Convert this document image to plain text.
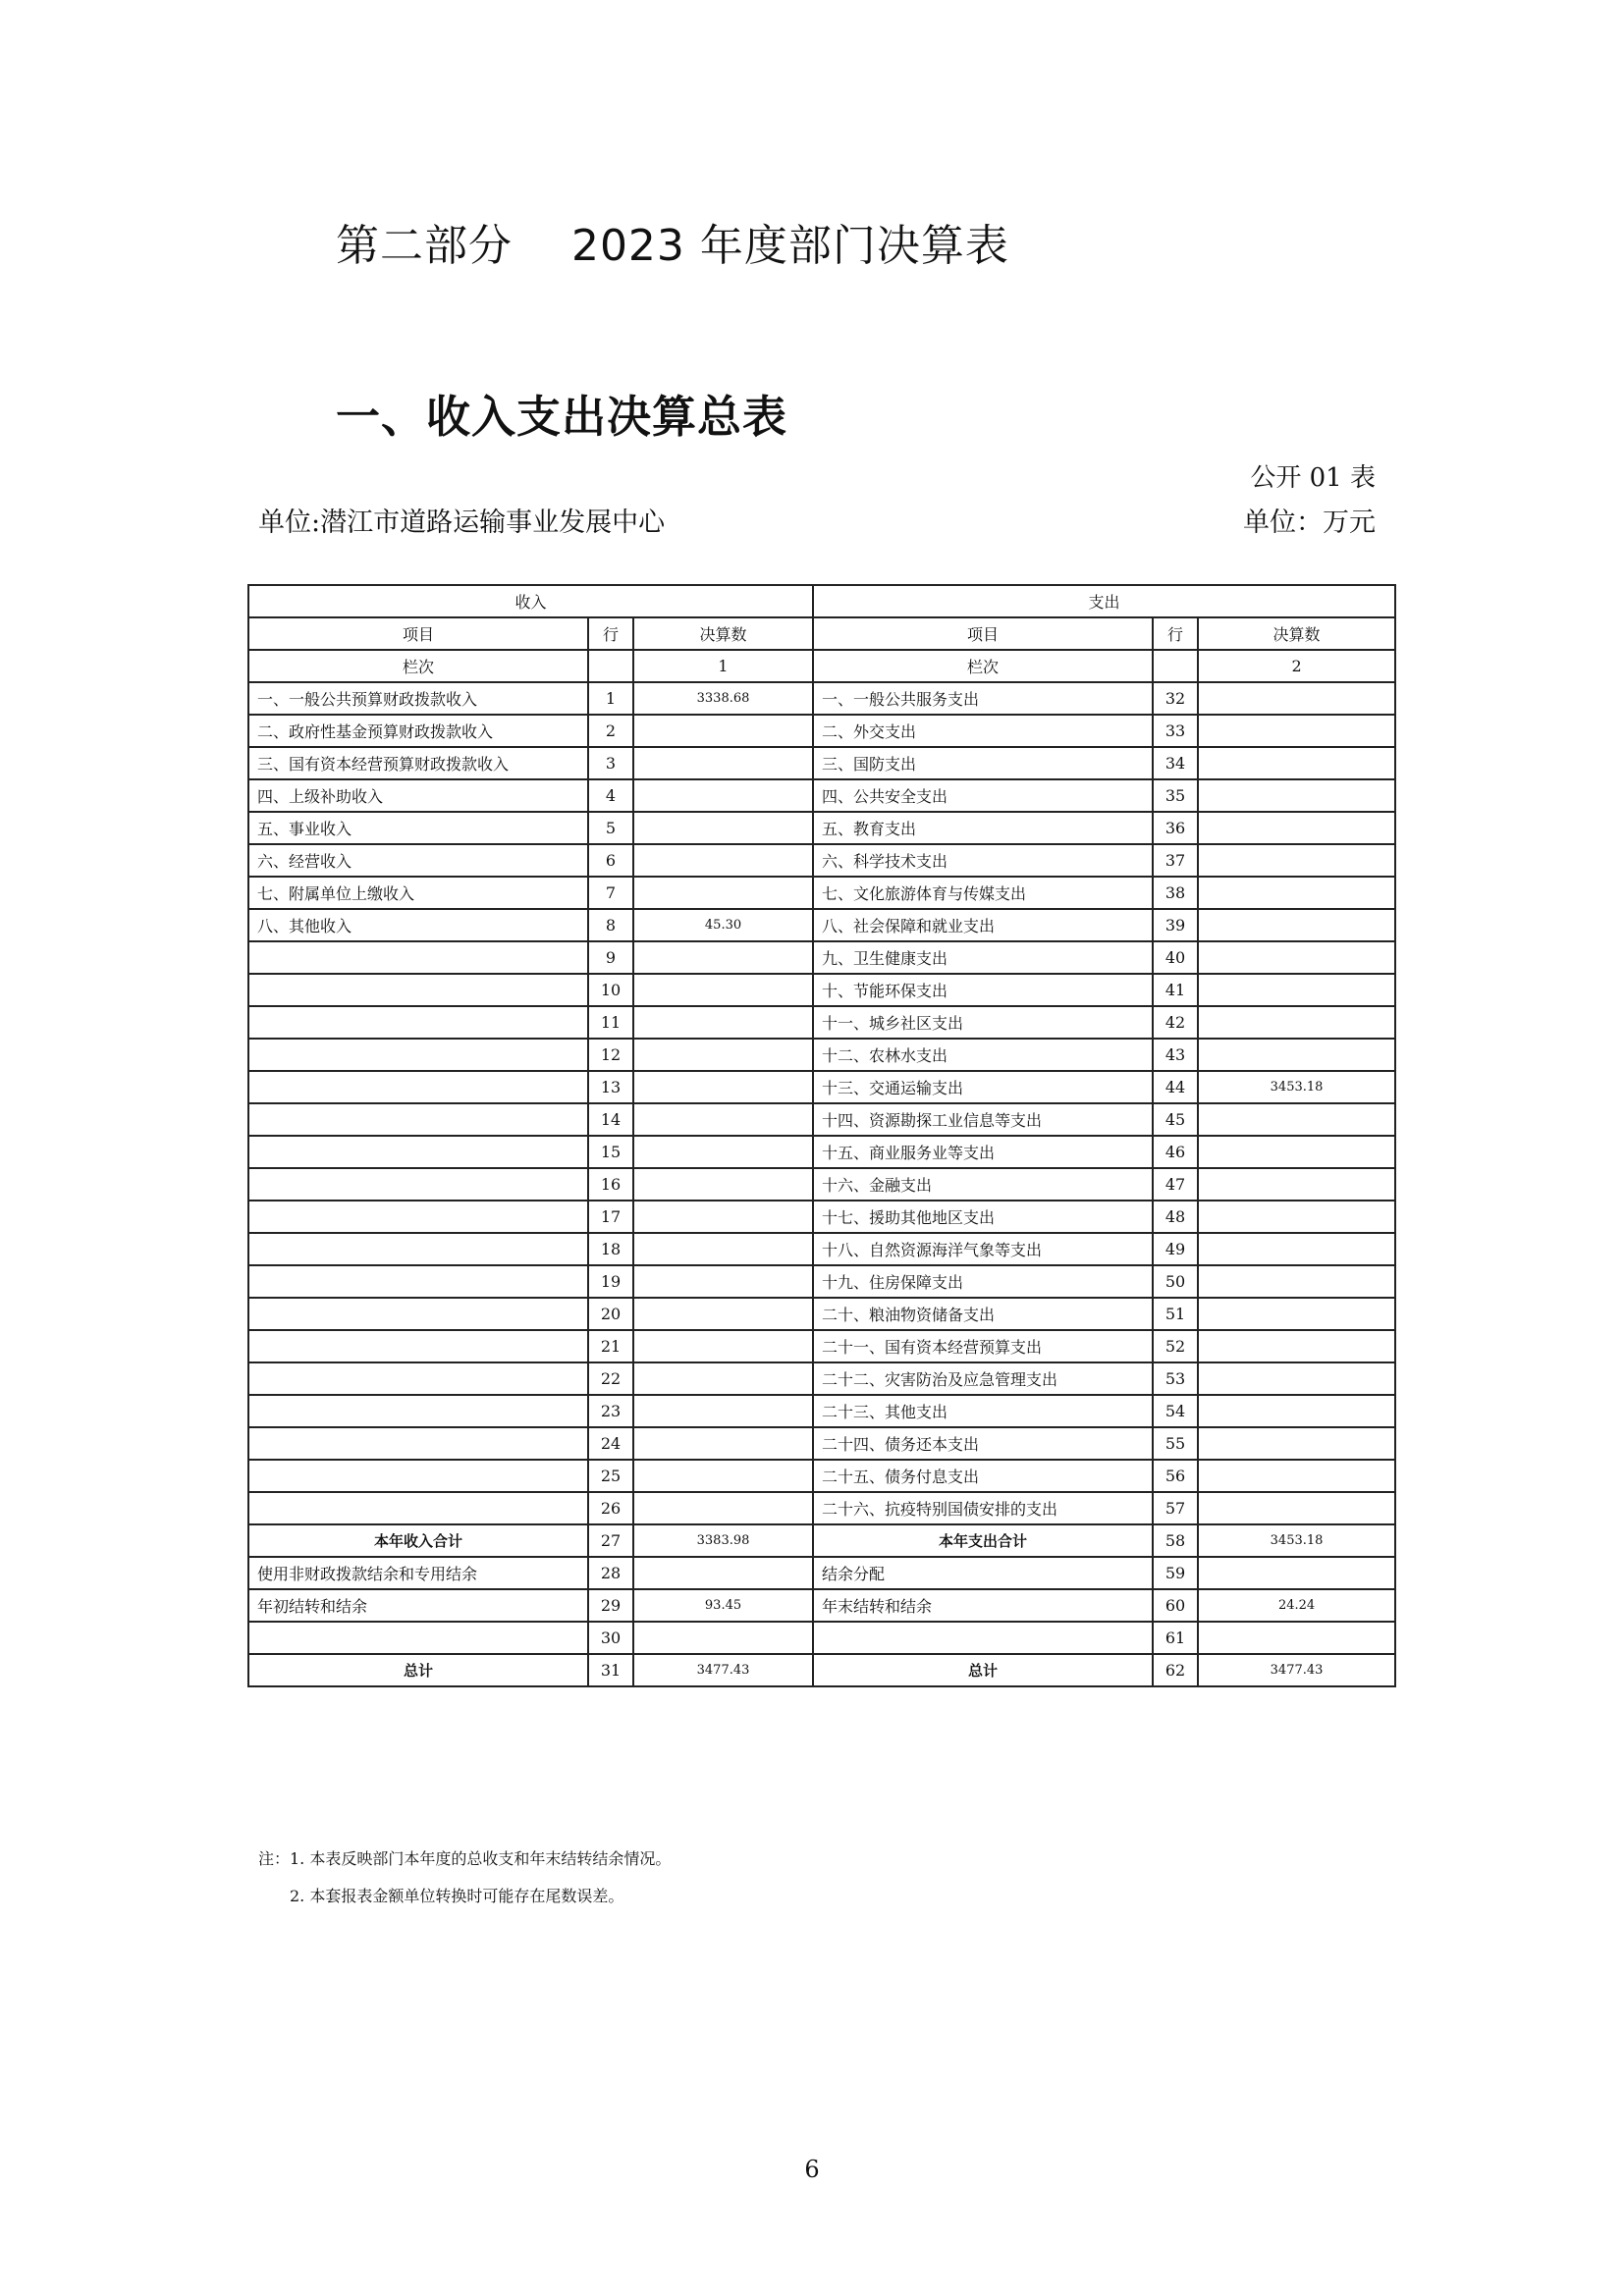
第二部分    2023 年度部门决算表
一、收入支出决算总表
公开 01 表
单位:潜江市道路运输事业发展中心	单位：万元
收入			支出		
项目	行	决算数	项目	行	决算数
栏次		1	栏次		2
一、一般公共预算财政拨款收入	1	3338.68	一、一般公共服务支出	32	
二、政府性基金预算财政拨款收入	2		二、外交支出	33	
三、国有资本经营预算财政拨款收入	3		三、国防支出	34	
四、上级补助收入	4		四、公共安全支出	35	
五、事业收入	5		五、教育支出	36	
六、经营收入	6		六、科学技术支出	37	
七、附属单位上缴收入	7		七、文化旅游体育与传媒支出	38	
八、其他收入	8	45.30	八、社会保障和就业支出	39	
	9		九、卫生健康支出	40	
	10		十、节能环保支出	41	
	11		十一、城乡社区支出	42	
	12		十二、农林水支出	43	
	13		十三、交通运输支出	44	3453.18
	14		十四、资源勘探工业信息等支出	45	
	15		十五、商业服务业等支出	46	
	16		十六、金融支出	47	
	17		十七、援助其他地区支出	48	
	18		十八、自然资源海洋气象等支出	49	
	19		十九、住房保障支出	50	
	20		二十、粮油物资储备支出	51	
	21		二十一、国有资本经营预算支出	52	
	22		二十二、灾害防治及应急管理支出	53	
	23		二十三、其他支出	54	
	24		二十四、债务还本支出	55	
	25		二十五、债务付息支出	56	
	26		二十六、抗疫特别国债安排的支出	57	
本年收入合计	27	3383.98	本年支出合计	58	3453.18
使用非财政拨款结余和专用结余	28		结余分配	59	
年初结转和结余	29	93.45	年末结转和结余	60	24.24
	30			61	
总计	31	3477.43	总计	62	3477.43
注：1. 本表反映部门本年度的总收支和年末结转结余情况。
2. 本套报表金额单位转换时可能存在尾数误差。
6
